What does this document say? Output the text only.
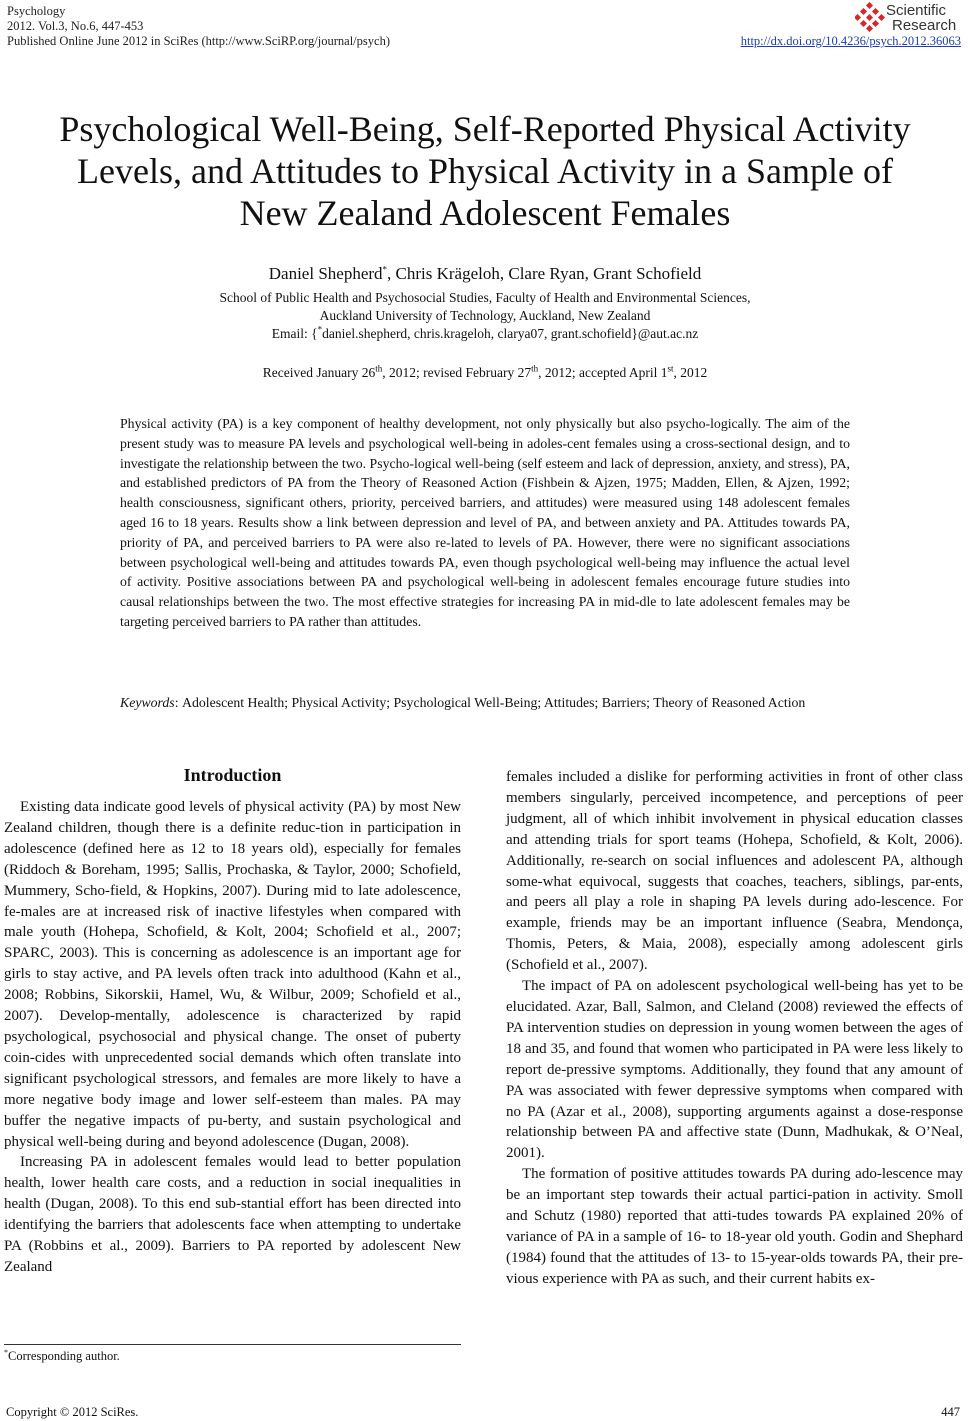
Psychology
2012. Vol.3, No.6, 447-453
Published Online June 2012 in SciRes (http://www.SciRP.org/journal/psych)
Scientific
Research
http://dx.doi.org/10.4236/psych.2012.36063
Psychological Well-Being, Self-Reported Physical Activity
Levels, and Attitudes to Physical Activity in a Sample of
New Zealand Adolescent Females
Daniel Shepherd*, Chris Krägeloh, Clare Ryan, Grant Schofield
School of Public Health and Psychosocial Studies, Faculty of Health and Environmental Sciences,
Auckland University of Technology, Auckland, New Zealand
Email: {*daniel.shepherd, chris.krageloh, clarya07, grant.schofield}@aut.ac.nz
Received January 26th, 2012; revised February 27th, 2012; accepted April 1st, 2012
Physical activity (PA) is a key component of healthy development, not only physically but also psycho-logically. The aim of the present study was to measure PA levels and psychological well-being in adoles-cent females using a cross-sectional design, and to investigate the relationship between the two. Psycho-logical well-being (self esteem and lack of depression, anxiety, and stress), PA, and established predictors of PA from the Theory of Reasoned Action (Fishbein & Ajzen, 1975; Madden, Ellen, & Ajzen, 1992; health consciousness, significant others, priority, perceived barriers, and attitudes) were measured using 148 adolescent females aged 16 to 18 years. Results show a link between depression and level of PA, and between anxiety and PA. Attitudes towards PA, priority of PA, and perceived barriers to PA were also re-lated to levels of PA. However, there were no significant associations between psychological well-being and attitudes towards PA, even though psychological well-being may influence the actual level of activity. Positive associations between PA and psychological well-being in adolescent females encourage future studies into causal relationships between the two. The most effective strategies for increasing PA in mid-dle to late adolescent females may be targeting perceived barriers to PA rather than attitudes.
Keywords: Adolescent Health; Physical Activity; Psychological Well-Being; Attitudes; Barriers; Theory of Reasoned Action
Introduction

Existing data indicate good levels of physical activity (PA) by most New Zealand children, though there is a definite reduc-tion in participation in adolescence (defined here as 12 to 18 years old), especially for females (Riddoch & Boreham, 1995; Sallis, Prochaska, & Taylor, 2000; Schofield, Mummery, Scho-field, & Hopkins, 2007). During mid to late adolescence, fe-males are at increased risk of inactive lifestyles when compared with male youth (Hohepa, Schofield, & Kolt, 2004; Schofield et al., 2007; SPARC, 2003). This is concerning as adolescence is an important age for girls to stay active, and PA levels often track into adulthood (Kahn et al., 2008; Robbins, Sikorskii, Hamel, Wu, & Wilbur, 2009; Schofield et al., 2007). Develop-mentally, adolescence is characterized by rapid psychological, psychosocial and physical change. The onset of puberty coin-cides with unprecedented social demands which often translate into significant psychological stressors, and females are more likely to have a more negative body image and lower self-esteem than males. PA may buffer the negative impacts of pu-berty, and sustain psychological and physical well-being during and beyond adolescence (Dugan, 2008).

Increasing PA in adolescent females would lead to better population health, lower health care costs, and a reduction in social inequalities in health (Dugan, 2008). To this end sub-stantial effort has been directed into identifying the barriers that adolescents face when attempting to undertake PA (Robbins et al., 2009). Barriers to PA reported by adolescent New Zealand

females included a dislike for performing activities in front of other class members singularly, perceived incompetence, and perceptions of peer judgment, all of which inhibit involvement in physical education classes and attending trials for sport teams (Hohepa, Schofield, & Kolt, 2006). Additionally, re-search on social influences and adolescent PA, although some-what equivocal, suggests that coaches, teachers, siblings, par-ents, and peers all play a role in shaping PA levels during ado-lescence. For example, friends may be an important influence (Seabra, Mendonça, Thomis, Peters, & Maia, 2008), especially among adolescent girls (Schofield et al., 2007).

The impact of PA on adolescent psychological well-being has yet to be elucidated. Azar, Ball, Salmon, and Cleland (2008) reviewed the effects of PA intervention studies on depression in young women between the ages of 18 and 35, and found that women who participated in PA were less likely to report de-pressive symptoms. Additionally, they found that any amount of PA was associated with fewer depressive symptoms when compared with no PA (Azar et al., 2008), supporting arguments against a dose-response relationship between PA and affective state (Dunn, Madhukak, & O’Neal, 2001).

The formation of positive attitudes towards PA during ado-lescence may be an important step towards their actual partici-pation in activity. Smoll and Schutz (1980) reported that atti-tudes towards PA explained 20% of variance of PA in a sample of 16- to 18-year old youth. Godin and Shephard (1984) found that the attitudes of 13- to 15-year-olds towards PA, their pre-vious experience with PA as such, and their current habits ex-

*Corresponding author.
Copyright © 2012 SciRes.	447
